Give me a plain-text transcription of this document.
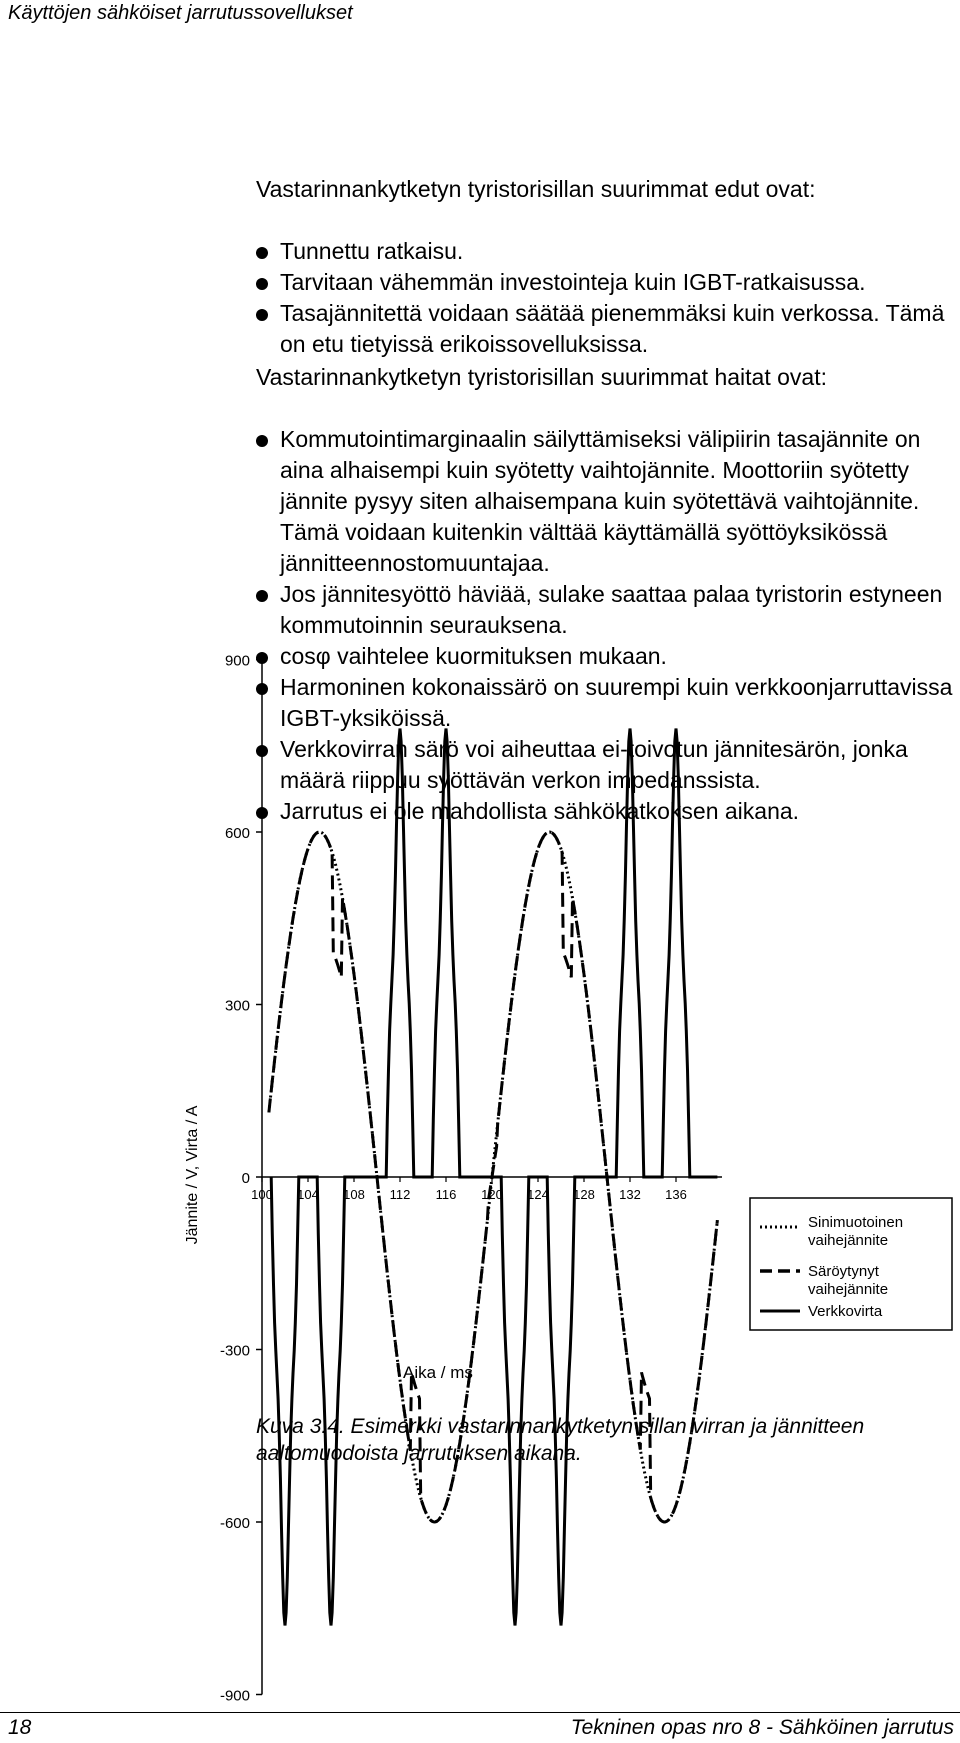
Käyttöjen sähköiset jarrutussovellukset

Vastarinnankytketyn tyristorisillan suurimmat edut ovat:

Tunnettu ratkaisu.
Tarvitaan vähemmän investointeja kuin IGBT-ratkaisussa.
Tasajännitettä voidaan säätää pienemmäksi kuin verkossa. Tämä on etu tietyissä erikoissovelluksissa.

Vastarinnankytketyn tyristorisillan suurimmat haitat ovat:

Kommutointimarginaalin säilyttämiseksi välipiirin tasajännite on aina alhaisempi kuin syötetty vaihtojännite. Moottoriin syötetty jännite pysyy siten alhaisempana kuin syötettävä vaihtojännite. Tämä voidaan kuitenkin välttää käyttämällä syöttöyksikössä jännitteennostomuuntajaa.
Jos jännitesyöttö häviää, sulake saattaa palaa tyristorin estyneen kommutoinnin seurauksena.
cosφ vaihtelee kuormituksen mukaan.
Harmoninen kokonaissärö on suurempi kuin verkkoonjarruttavissa IGBT-yksiköissä.
Verkkovirran särö voi aiheuttaa ei-toivotun jännitesärön, jonka määrä riippuu syöttävän verkon impedanssista.
Jarrutus ei ole mahdollista sähkökatkoksen aikana.
900
600
300
0
-300
-600
-900
100 104 108 112 116 120 124 128 132 136
Jännite / V, Virta / A
Aika / ms
Sinimuotoinen vaihejännite
Säröytynyt vaihejännite
Verkkovirta
Kuva 3.4. Esimerkki vastarinnankytketyn sillan virran ja jännitteen aaltomuodoista jarrutuksen aikana.
18	Tekninen opas nro 8 - Sähköinen jarrutus
